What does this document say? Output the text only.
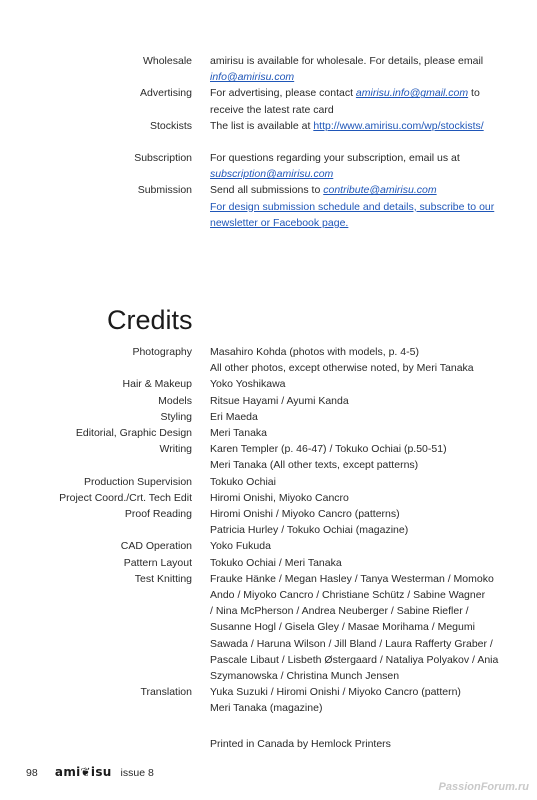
Wholesale amirisu is available for wholesale. For details, please email
info@amirisu.com
Advertising For advertising, please contact amirisu.info@gmail.com to
receive the latest rate card
Stockists The list is available at http://www.amirisu.com/wp/stockists/
Subscription For questions regarding your subscription, email us at
subscription@amirisu.com
Submission Send all submissions to contribute@amirisu.com
For design submission schedule and details, subscribe to our
newsletter or Facebook page.
Credits
Photography Masahiro Kohda (photos with models, p. 4-5)
All other photos, except otherwise noted, by Meri Tanaka
Hair & Makeup Yoko Yoshikawa
Models Ritsue Hayami / Ayumi Kanda
Styling Eri Maeda
Editorial, Graphic Design Meri Tanaka
Writing Karen Templer (p. 46-47) / Tokuko Ochiai (p.50-51)
Meri Tanaka (All other texts, except patterns)
Production Supervision Tokuko Ochiai
Project Coord./Crt. Tech Edit Hiromi Onishi, Miyoko Cancro
Proof Reading Hiromi Onishi / Miyoko Cancro (patterns)
Patricia Hurley / Tokuko Ochiai (magazine)
CAD Operation Yoko Fukuda
Pattern Layout Tokuko Ochiai / Meri Tanaka
Test Knitting Frauke Hänke / Megan Hasley / Tanya Westerman / Momoko
Ando / Miyoko Cancro / Christiane Schütz / Sabine Wagner
/ Nina McPherson / Andrea Neuberger / Sabine Riefler /
Susanne Hogl / Gisela Gley / Masae Morihama / Megumi
Sawada / Haruna Wilson / Jill Bland / Laura Rafferty Graber /
Pascale Libaut / Lisbeth Østergaard / Nataliya Polyakov / Ania
Szymanowska / Christina Munch Jensen
Translation Yuka Suzuki / Hiromi Onishi / Miyoko Cancro (pattern)
Meri Tanaka (magazine)
Printed in Canada by Hemlock Printers
98 ami❦isu issue 8
PassionForum.ru
